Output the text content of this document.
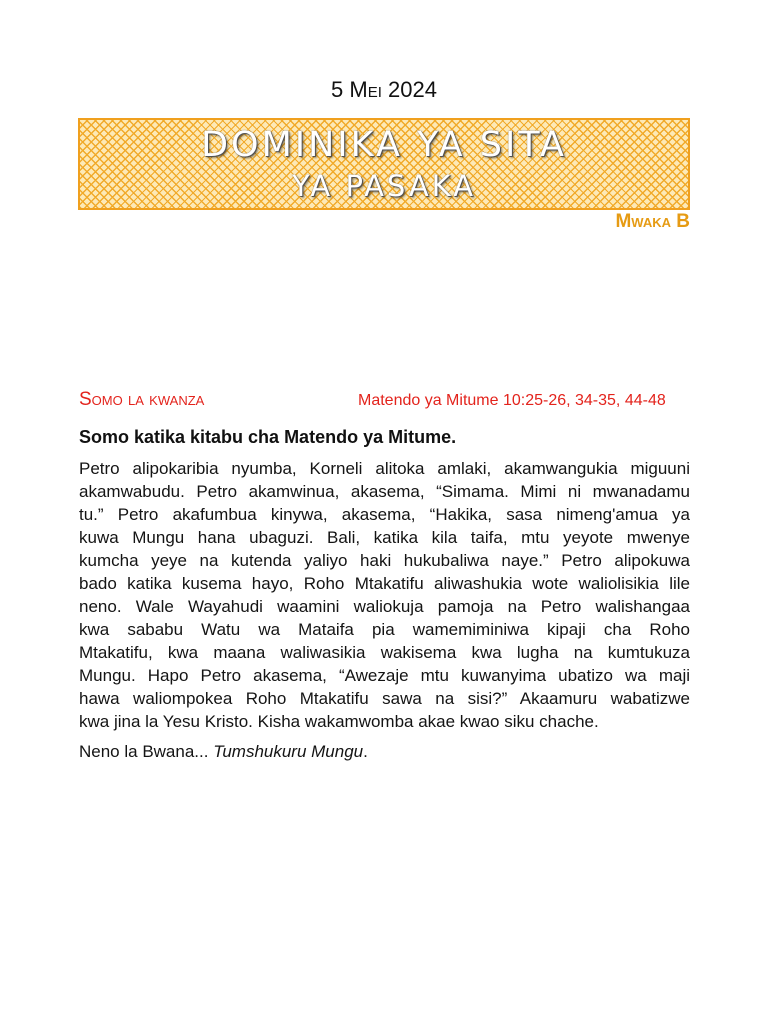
5 Mei 2024
DOMINIKA YA SITA
YA PASAKA
Mwaka B
Somo la kwanza	Matendo ya Mitume 10:25-26, 34-35, 44-48
Somo katika kitabu cha Matendo ya Mitume.
Petro alipokaribia nyumba, Korneli alitoka amlaki, akamwangukia miguuni
akamwabudu. Petro akamwinua, akasema, “Simama. Mimi ni mwanadamu
tu.” Petro akafumbua kinywa, akasema, “Hakika, sasa nimeng'amua ya
kuwa Mungu hana ubaguzi. Bali, katika kila taifa, mtu yeyote mwenye
kumcha yeye na kutenda yaliyo haki hukubaliwa naye.” Petro alipokuwa
bado katika kusema hayo, Roho Mtakatifu aliwashukia wote waliolisikia lile
neno. Wale Wayahudi waamini waliokuja pamoja na Petro walishangaa
kwa sababu Watu wa Mataifa pia wamemiminiwa kipaji cha Roho
Mtakatifu, kwa maana waliwasikia wakisema kwa lugha na kumtukuza
Mungu. Hapo Petro akasema, “Awezaje mtu kuwanyima ubatizo wa maji
hawa waliompokea Roho Mtakatifu sawa na sisi?” Akaamuru wabatizwe
kwa jina la Yesu Kristo. Kisha wakamwomba akae kwao siku chache.
Neno la Bwana... Tumshukuru Mungu.
